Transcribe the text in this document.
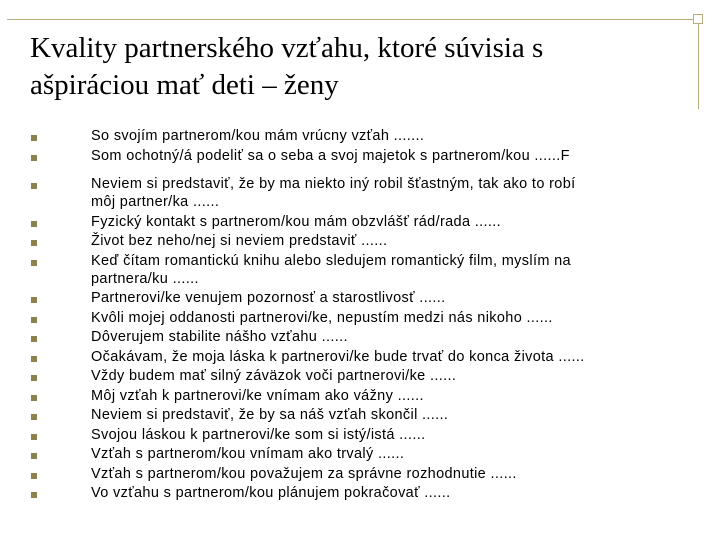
Kvality partnerského vzťahu, ktoré súvisia s
ašpiráciou mať deti – ženy
So svojím partnerom/kou mám vrúcny vzťah .......
Som ochotný/á podeliť sa o seba a svoj majetok s partnerom/kou ......F
Neviem si predstaviť, že by ma niekto iný robil šťastným, tak ako to robí
môj partner/ka ......
Fyzický kontakt s partnerom/kou mám obzvlášť rád/rada ......
Život bez neho/nej si neviem predstaviť ......
Keď čítam romantickú knihu alebo sledujem romantický film, myslím na
partnera/ku ......
Partnerovi/ke venujem pozornosť a starostlivosť ......
Kvôli mojej oddanosti partnerovi/ke, nepustím medzi nás nikoho ......
Dôverujem stabilite nášho vzťahu ......
Očakávam, že moja láska k partnerovi/ke bude trvať do konca života ......
Vždy budem mať silný záväzok voči partnerovi/ke ......
Môj vzťah k partnerovi/ke vnímam ako vážny ......
Neviem si predstaviť, že by sa náš vzťah skončil ......
Svojou láskou k partnerovi/ke som si istý/istá ......
Vzťah s partnerom/kou vnímam ako trvalý ......
Vzťah s partnerom/kou považujem za správne rozhodnutie ......
Vo vzťahu s partnerom/kou plánujem pokračovať ......
